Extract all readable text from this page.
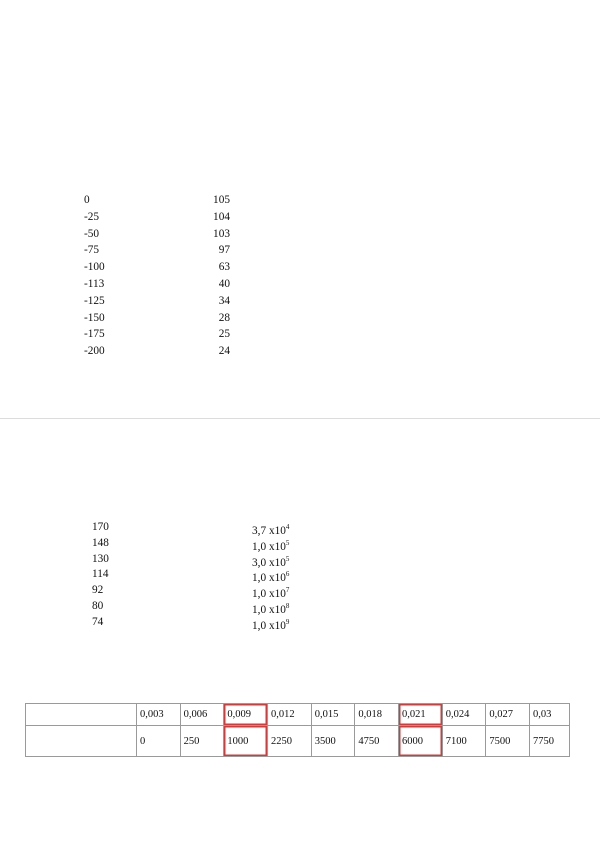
0	105
-25	104
-50	103
-75	97
-100	63
-113	40
-125	34
-150	28
-175	25
-200	24
170	3,7 $x10^4$
148	1,0 $x10^5$
130	3,0 $x10^5$
114	1,0 $x10^6$
92	1,0 $x10^7$
80	1,0 $x10^8$
74	1,0 $x10^9$
	0,003	0,006	0,009	0,012	0,015	0,018	0,021	0,024	0,027	0,03
	0	250	1000	2250	3500	4750	6000	7100	7500	7750
